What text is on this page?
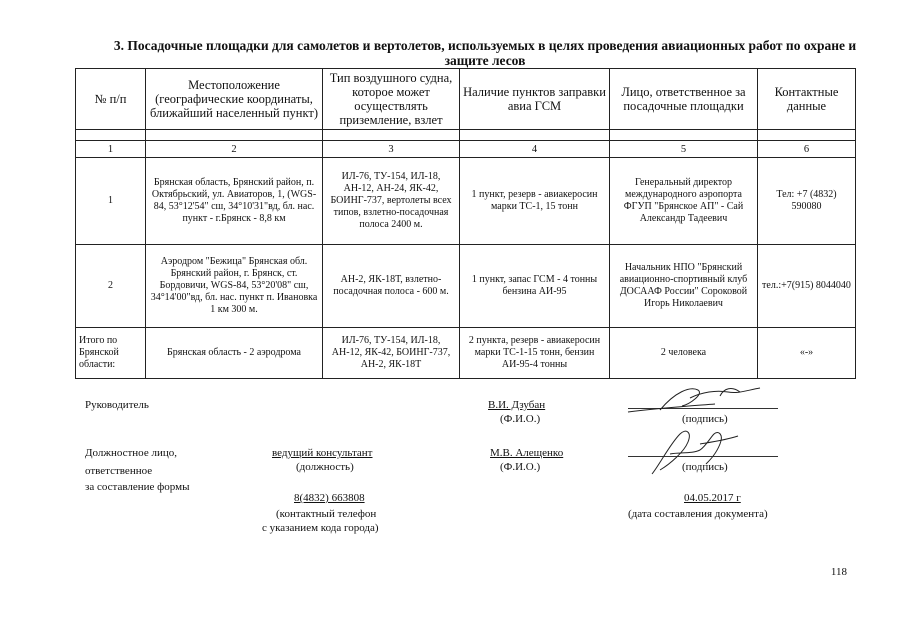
3. Посадочные площадки для самолетов и вертолетов, используемых в целях проведения авиационных работ по охране и защите лесов
№ п/п	Местоположение (географические координаты, ближайший населенный пункт)	Тип воздушного судна, которое может осуществлять приземление, взлет	Наличие пунктов заправки авиа ГСМ	Лицо, ответственное за посадочные площадки	Контактные данные

1	2	3	4	5	6
1	Брянская область, Брянский район, п. Октябрьский, ул. Авиаторов, 1, (WGS-84, 53°12'54" сш, 34°10'31"вд, бл. нас. пункт - г.Брянск - 8,8 км	ИЛ-76, ТУ-154, ИЛ-18, АН-12, АН-24, ЯК-42, БОИНГ-737, вертолеты всех типов, взлетно-посадочная полоса 2400 м.	1 пункт, резерв - авиакеросин марки ТС-1, 15 тонн	Генеральный директор международного аэропорта ФГУП "Брянское АП" - Сай Александр Тадеевич	Тел: +7 (4832) 590080
2	Аэродром "Бежица" Брянская обл. Брянский район, г. Брянск, ст. Бордовичи, WGS-84, 53°20'08" сш, 34°14'00"вд, бл. нас. пункт п. Ивановка 1 км 300 м.	АН-2, ЯК-18Т, взлетно-посадочная полоса - 600 м.	1 пункт, запас ГСМ - 4 тонны бензина АИ-95	Начальник НПО "Брянский авиационно-спортивный клуб ДОСААФ России" Сороковой Игорь Николаевич	тел.:+7(915) 8044040
Итого по Брянской области:	Брянская область - 2 аэродрома	ИЛ-76, ТУ-154, ИЛ-18, АН-12, ЯК-42, БОИНГ-737, АН-2, ЯК-18Т	2 пункта, резерв - авиакеросин марки ТС-1-15 тонн, бензин АИ-95-4 тонны	2 человека	«-»
Руководитель	В.И. Дзубан
(Ф.И.О.)	(подпись)
Должностное лицо,
ответственное
за составление формы
ведущий консультант
(должность)
М.В. Алещенко
(Ф.И.О.)	(подпись)
8(4832) 663808
(контактный телефон
с указанием кода города)
04.05.2017 г
(дата составления документа)
118
